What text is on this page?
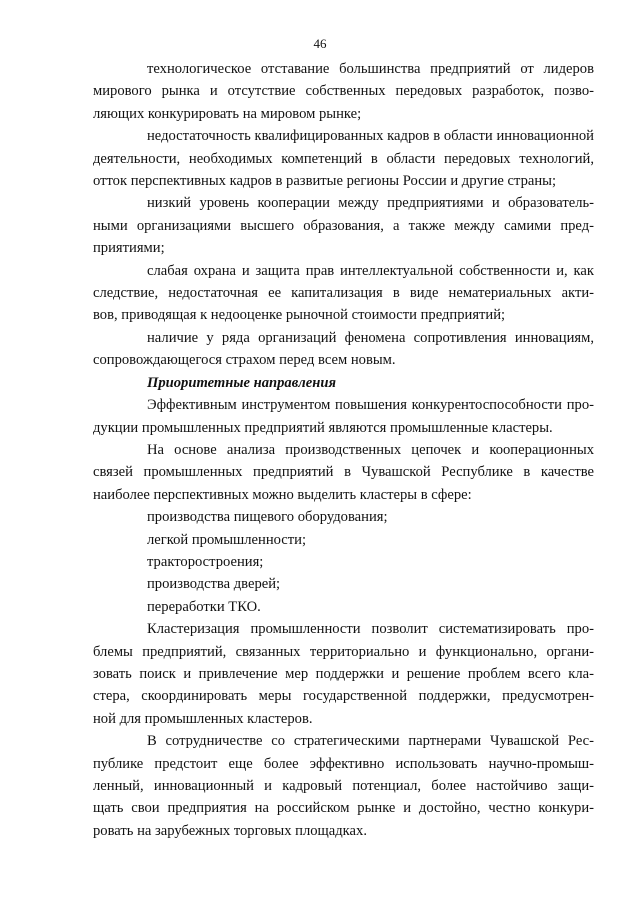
46

технологическое отставание большинства предприятий от лидеров
мирового рынка и отсутствие собственных передовых разработок, позво-
ляющих конкурировать на мировом рынке;

недостаточность квалифицированных кадров в области инновационной
деятельности, необходимых компетенций в области передовых технологий,
отток перспективных кадров в развитые регионы России и другие страны;

низкий уровень кооперации между предприятиями и образователь-
ными организациями высшего образования, а также между самими пред-
приятиями;

слабая охрана и защита прав интеллектуальной собственности и, как
следствие, недостаточная ее капитализация в виде нематериальных акти-
вов, приводящая к недооценке рыночной стоимости предприятий;

наличие у ряда организаций феномена сопротивления инновациям,
сопровождающегося страхом перед всем новым.

Приоритетные направления

Эффективным инструментом повышения конкурентоспособности про-
дукции промышленных предприятий являются промышленные кластеры.

На основе анализа производственных цепочек и кооперационных
связей промышленных предприятий в Чувашской Республике в качестве
наиболее перспективных можно выделить кластеры в сфере:

производства пищевого оборудования;

легкой промышленности;

тракторостроения;

производства дверей;

переработки ТКО.

Кластеризация промышленности позволит систематизировать про-
блемы предприятий, связанных территориально и функционально, органи-
зовать поиск и привлечение мер поддержки и решение проблем всего кла-
стера, скоординировать меры государственной поддержки, предусмотрен-
ной для промышленных кластеров.

В сотрудничестве со стратегическими партнерами Чувашской Рес-
публике предстоит еще более эффективно использовать научно-промыш-
ленный, инновационный и кадровый потенциал, более настойчиво защи-
щать свои предприятия на российском рынке и достойно, честно конкури-
ровать на зарубежных торговых площадках.
